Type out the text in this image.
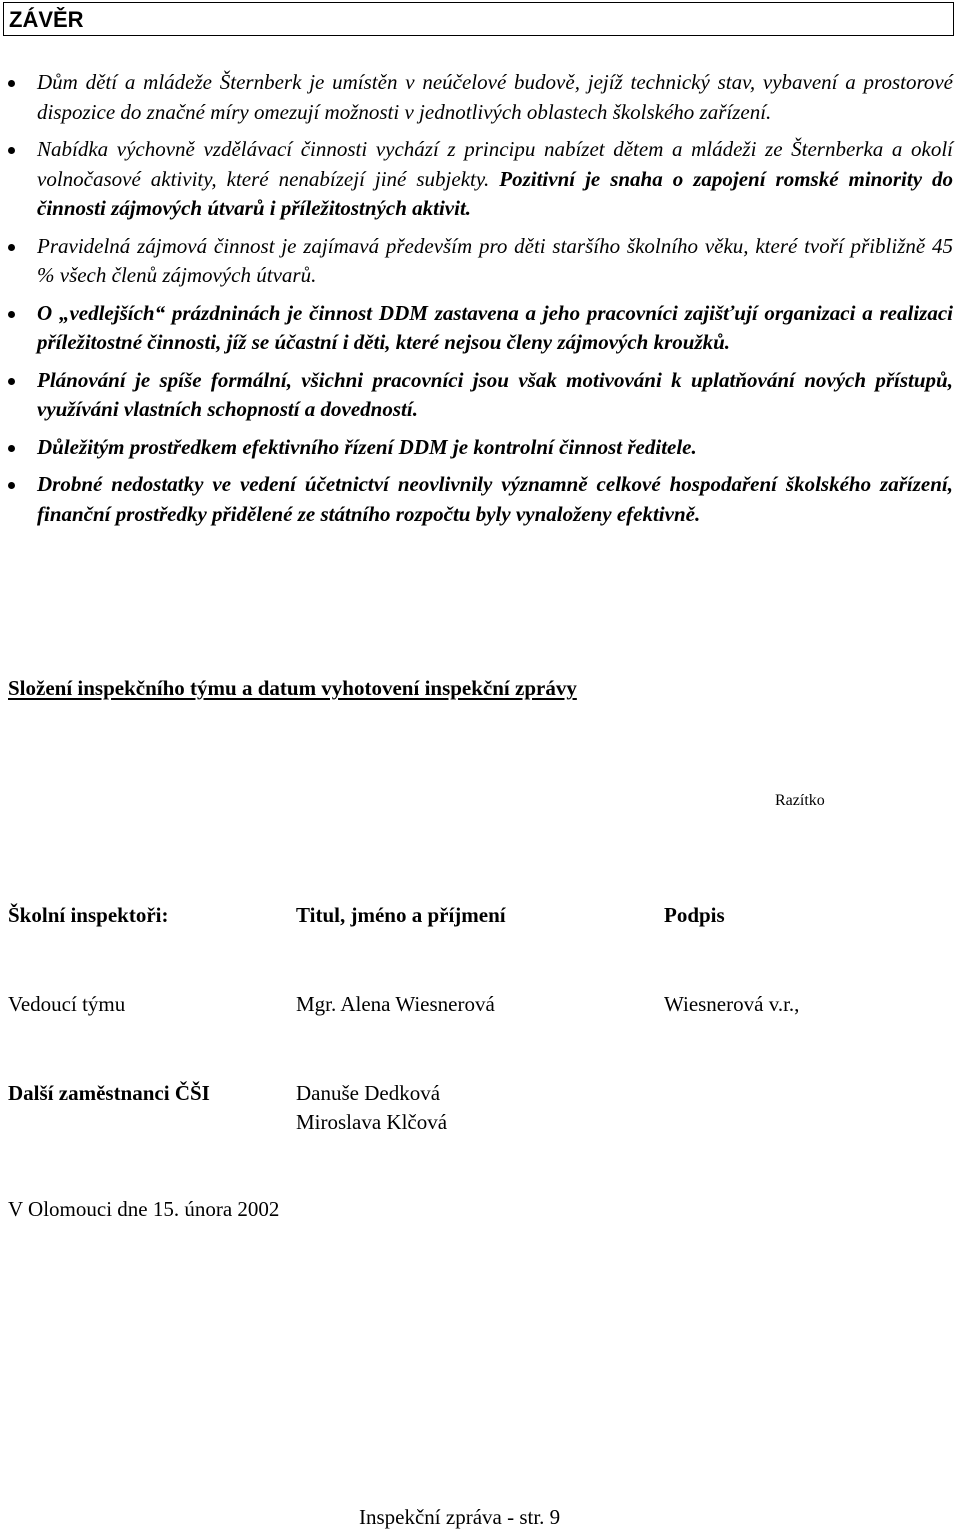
ZÁVĚR
Dům dětí a mládeže Šternberk je umístěn v neúčelové budově, jejíž technický stav, vybavení a prostorové dispozice do značné míry omezují možnosti v jednotlivých oblastech školského zařízení.
Nabídka výchovně vzdělávací činnosti vychází z principu nabízet dětem a mládeži ze Šternberka a okolí volnočasové aktivity, které nenabízejí jiné subjekty. Pozitivní je snaha o zapojení romské minority do činnosti zájmových útvarů i příležitostných aktivit.
Pravidelná zájmová činnost je zajímavá především pro děti staršího školního věku, které tvoří přibližně 45 % všech členů zájmových útvarů.
O „vedlejších“ prázdninách je činnost DDM zastavena a jeho pracovníci zajišťují organizaci a realizaci příležitostné činnosti, jíž se účastní i děti, které nejsou členy zájmových kroužků.
Plánování je spíše formální, všichni pracovníci jsou však motivováni k uplatňování nových přístupů, využíváni vlastních schopností a dovedností.
Důležitým prostředkem efektivního řízení DDM je kontrolní činnost ředitele.
Drobné nedostatky ve vedení účetnictví neovlivnily významně celkové hospodaření školského zařízení, finanční prostředky přidělené ze státního rozpočtu byly vynaloženy efektivně.
Složení inspekčního týmu a datum vyhotovení inspekční zprávy
Razítko
Školní inspektoři:	Titul, jméno a příjmení	Podpis
Vedoucí týmu	Mgr. Alena Wiesnerová	Wiesnerová v.r.,
Další zaměstnanci ČŠI	Danuše Dedková
Miroslava Klčová
V Olomouci dne 15. února 2002
Inspekční zpráva - str. 9
